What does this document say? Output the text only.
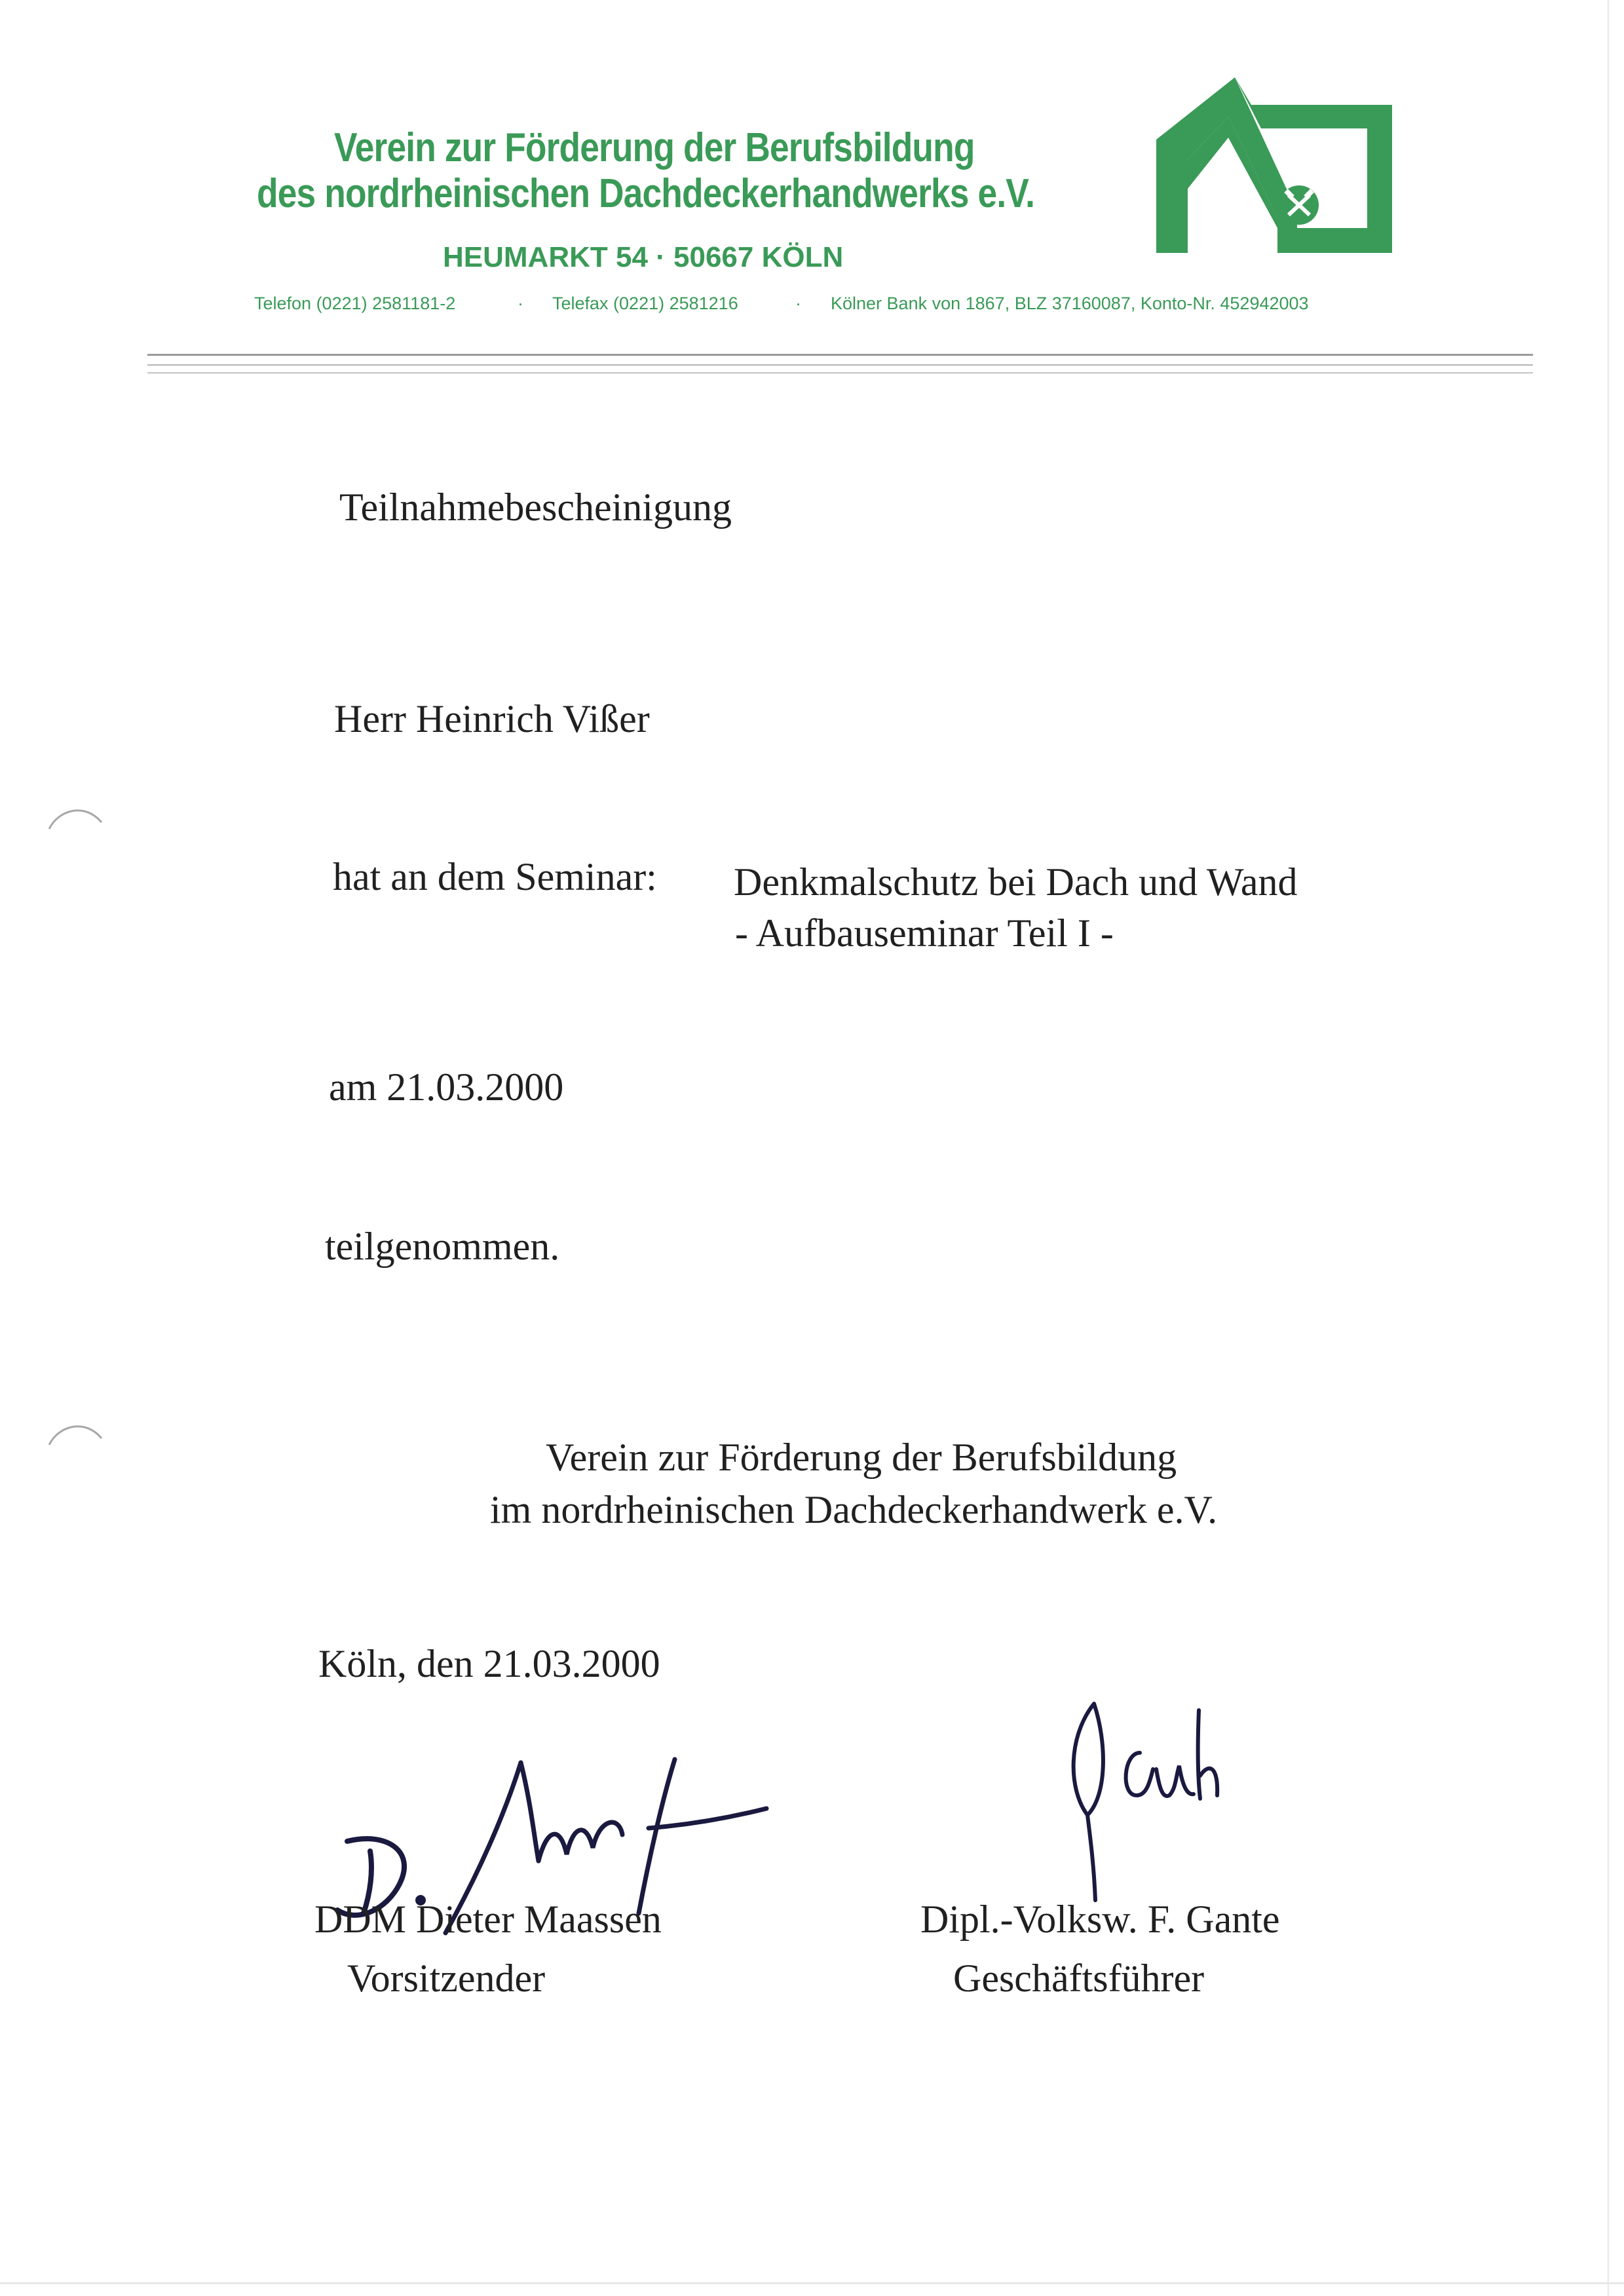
Verein zur Förderung der Berufsbildung
des nordrheinischen Dachdeckerhandwerks e.V.
HEUMARKT 54 · 50667 KÖLN
Telefon (0221) 2581181-2	· Telefax (0221) 2581216	· Kölner Bank von 1867, BLZ 37160087, Konto-Nr. 452942003
Teilnahmebescheinigung
Herr Heinrich Vißer
hat an dem Seminar: Denkmalschutz bei Dach und Wand
- Aufbauseminar Teil I -
am 21.03.2000
teilgenommen.
Verein zur Förderung der Berufsbildung
im nordrheinischen Dachdeckerhandwerk e.V.
Köln, den 21.03.2000
DDM Dieter Maassen
Vorsitzender
Dipl.-Volksw. F. Gante
Geschäftsführer
